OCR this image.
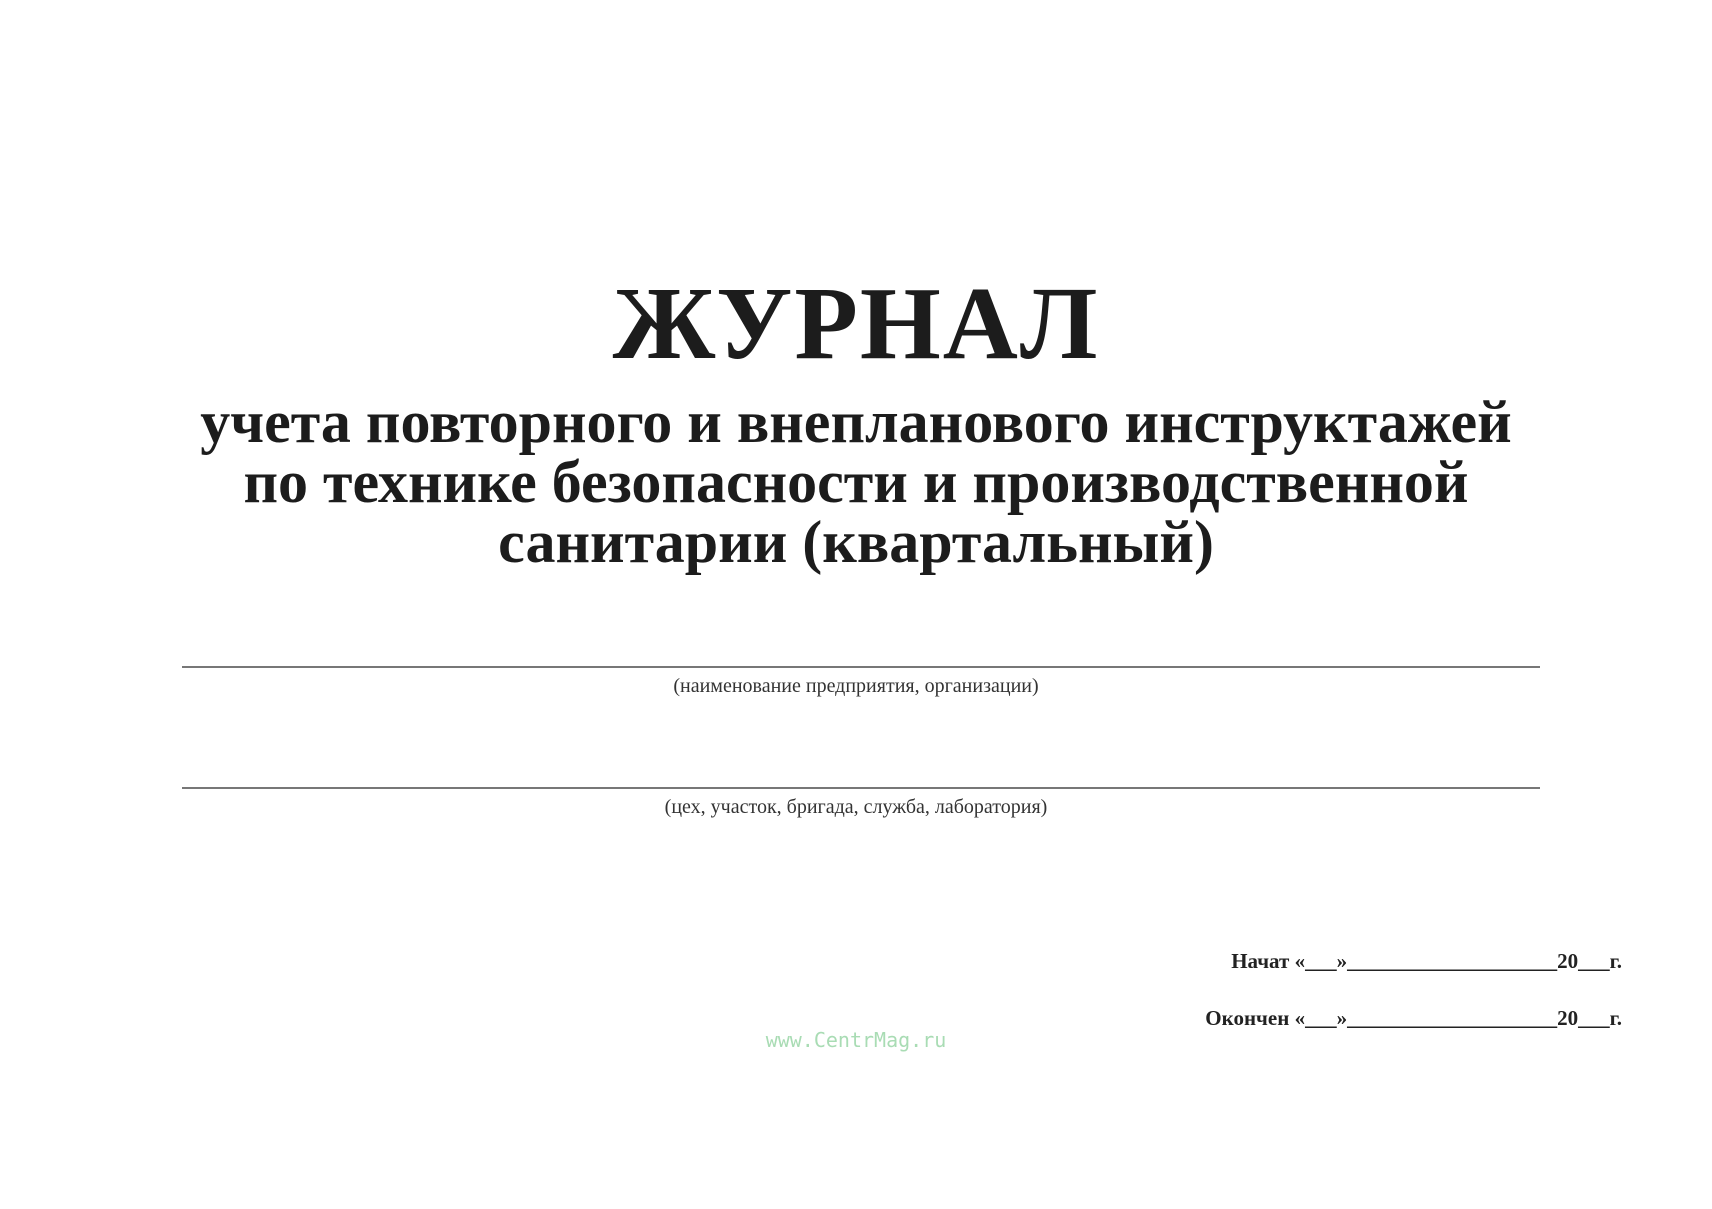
ЖУРНАЛ
учета повторного и внепланового инструктажей
по технике безопасности и производственной
санитарии (квартальный)
(наименование предприятия, организации)
(цех, участок, бригада, служба, лаборатория)
Начат «___»____________________20___г.
Окончен «___»____________________20___г.
www.CentrMag.ru
